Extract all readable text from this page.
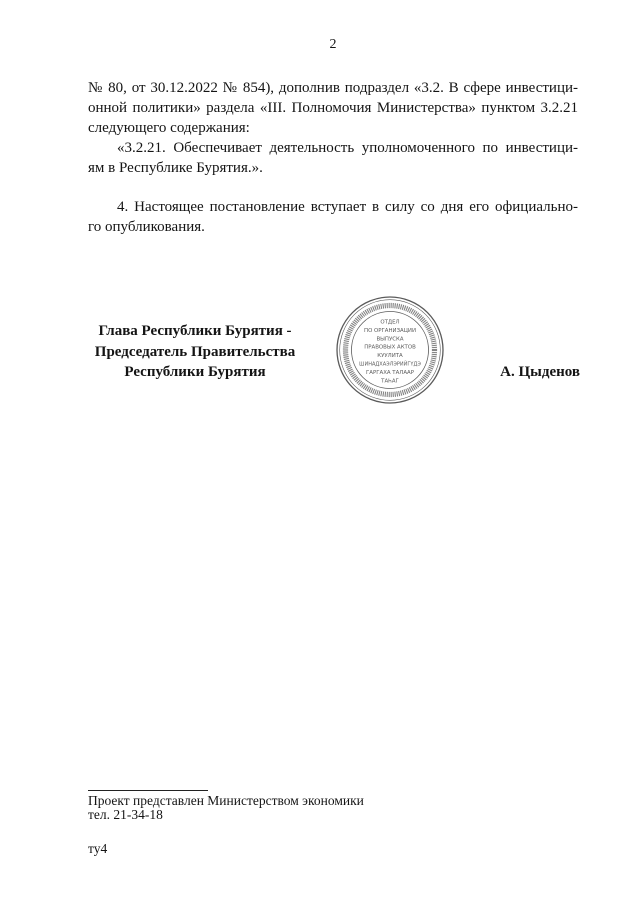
2
№ 80, от 30.12.2022 № 854), дополнив подраздел «3.2. В сфере инвестици-
онной политики» раздела «III. Полномочия Министерства» пунктом 3.2.21
следующего содержания:
«3.2.21. Обеспечивает деятельность уполномоченного по инвестици-
ям в Республике Бурятия.».
4. Настоящее постановление вступает в силу со дня его официально-
го опубликования.
Глава Республики Бурятия -
Председатель Правительства
Республики Бурятия	А. Цыденов
ОТДЕЛ
ПО ОРГАНИЗАЦИИ
ВЫПУСКА
ПРАВОВЫХ АКТОВ
КУУЛИТА
ШИНАДХАЭЛЭРИЙГҮДЭ
ГАРГАХА ТАЛААР
ТАҺАГ
Проект представлен Министерством экономики
тел. 21-34-18
ту4
